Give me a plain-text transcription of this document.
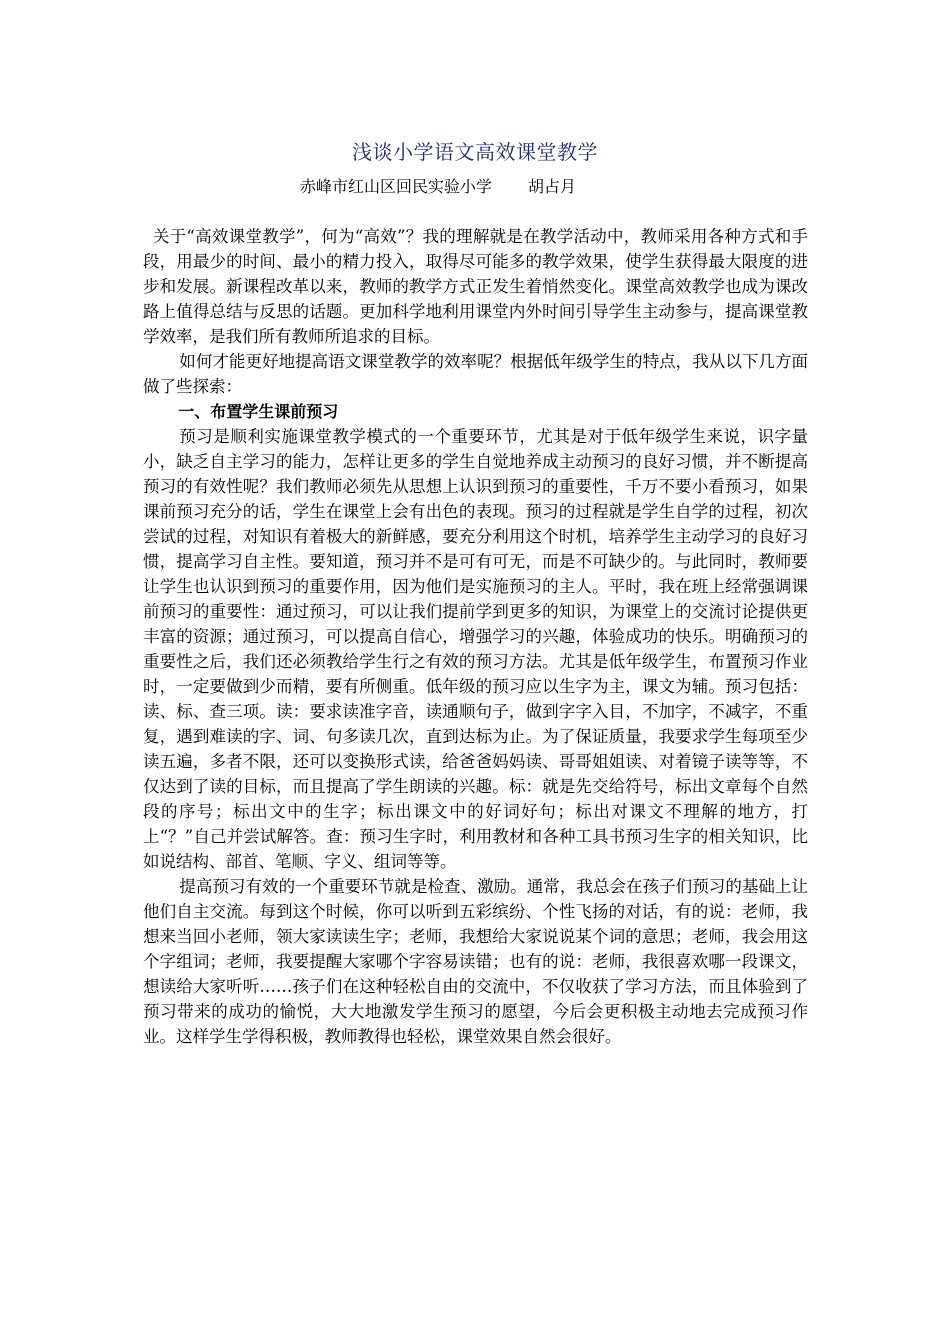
浅谈小学语文高效课堂教学
赤峰市红山区回民实验小学 胡占月

关于“高效课堂教学”，何为“高效”？我的理解就是在教学活动中，教师采用各种方式和手段，用最少的时间、最小的精力投入，取得尽可能多的教学效果，使学生获得最大限度的进步和发展。新课程改革以来，教师的教学方式正发生着悄然变化。课堂高效教学也成为课改路上值得总结与反思的话题。更加科学地利用课堂内外时间引导学生主动参与，提高课堂教学效率，是我们所有教师所追求的目标。

如何才能更好地提高语文课堂教学的效率呢？根据低年级学生的特点，我从以下几方面做了些探索：

一、布置学生课前预习

预习是顺利实施课堂教学模式的一个重要环节，尤其是对于低年级学生来说，识字量小，缺乏自主学习的能力，怎样让更多的学生自觉地养成主动预习的良好习惯，并不断提高预习的有效性呢？我们教师必须先从思想上认识到预习的重要性，千万不要小看预习，如果课前预习充分的话，学生在课堂上会有出色的表现。预习的过程就是学生自学的过程，初次尝试的过程，对知识有着极大的新鲜感，要充分利用这个时机，培养学生主动学习的良好习惯，提高学习自主性。要知道，预习并不是可有可无，而是不可缺少的。与此同时，教师要让学生也认识到预习的重要作用，因为他们是实施预习的主人。平时，我在班上经常强调课前预习的重要性：通过预习，可以让我们提前学到更多的知识，为课堂上的交流讨论提供更丰富的资源；通过预习，可以提高自信心，增强学习的兴趣，体验成功的快乐。明确预习的重要性之后，我们还必须教给学生行之有效的预习方法。尤其是低年级学生，布置预习作业时，一定要做到少而精，要有所侧重。低年级的预习应以生字为主，课文为辅。预习包括：读、标、查三项。读：要求读准字音，读通顺句子，做到字字入目，不加字，不减字，不重复，遇到难读的字、词、句多读几次，直到达标为止。为了保证质量，我要求学生每项至少读五遍，多者不限，还可以变换形式读，给爸爸妈妈读、哥哥姐姐读、对着镜子读等等，不仅达到了读的目标，而且提高了学生朗读的兴趣。标：就是先交给符号，标出文章每个自然段的序号；标出文中的生字；标出课文中的好词好句；标出对课文不理解的地方，打上“？”自己并尝试解答。查：预习生字时，利用教材和各种工具书预习生字的相关知识，比如说结构、部首、笔顺、字义、组词等等。

提高预习有效的一个重要环节就是检查、激励。通常，我总会在孩子们预习的基础上让他们自主交流。每到这个时候，你可以听到五彩缤纷、个性飞扬的对话，有的说：老师，我想来当回小老师，领大家读读生字；老师，我想给大家说说某个词的意思；老师，我会用这个字组词；老师，我要提醒大家哪个字容易读错；也有的说：老师，我很喜欢哪一段课文，想读给大家听听……孩子们在这种轻松自由的交流中，不仅收获了学习方法，而且体验到了预习带来的成功的愉悦，大大地激发学生预习的愿望，今后会更积极主动地去完成预习作业。这样学生学得积极，教师教得也轻松，课堂效果自然会很好。
